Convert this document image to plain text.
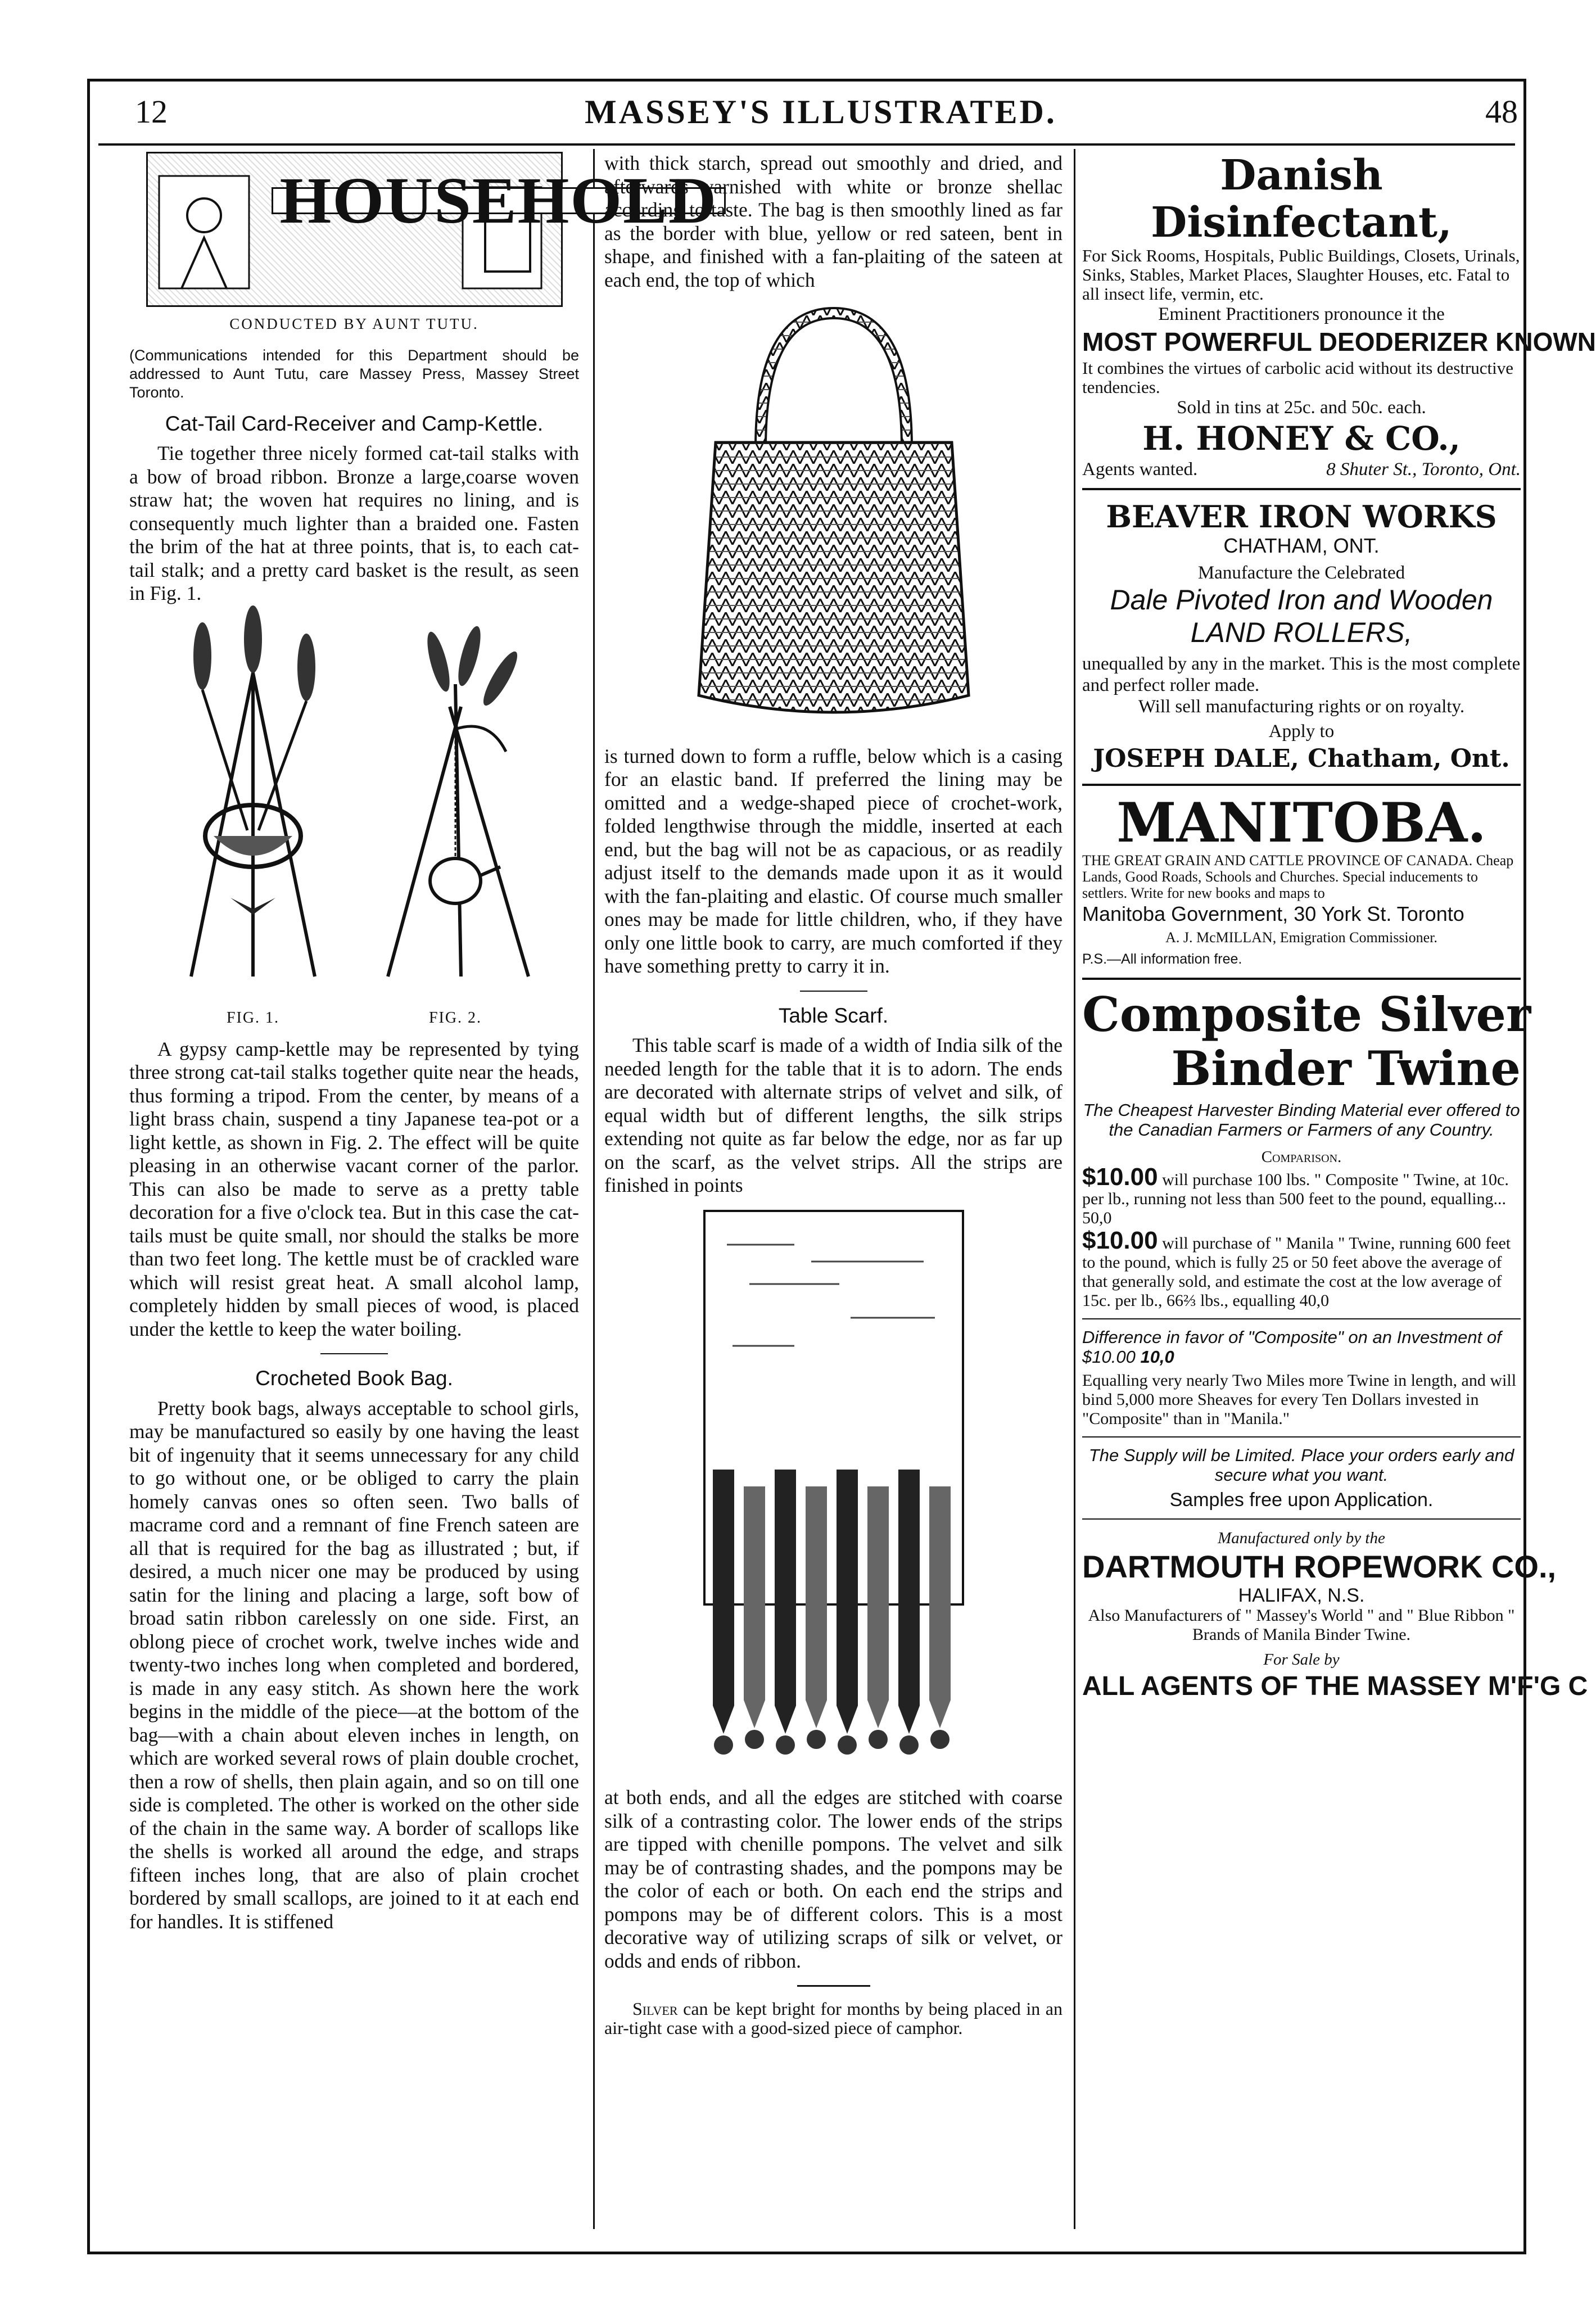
12	MASSEY'S ILLUSTRATED.	48
HOUSEHOLD
CONDUCTED BY AUNT TUTU.
(Communications intended for this Department should be addressed to Aunt Tutu, care Massey Press, Massey Street Toronto.
Cat-Tail Card-Receiver and Camp-Kettle.

Tie together three nicely formed cat-tail stalks with a bow of broad ribbon. Bronze a large,coarse woven straw hat; the woven hat requires no lining, and is consequently much lighter than a braided one. Fasten the brim of the hat at three points, that is, to each cat-tail stalk; and a pretty card basket is the result, as seen in Fig. 1.

FIG. 1.	FIG. 2.

A gypsy camp-kettle may be represented by tying three strong cat-tail stalks together quite near the heads, thus forming a tripod. From the center, by means of a light brass chain, suspend a tiny Japanese tea-pot or a light kettle, as shown in Fig. 2. The effect will be quite pleasing in an otherwise vacant corner of the parlor. This can also be made to serve as a pretty table decoration for a five o'clock tea. But in this case the cat-tails must be quite small, nor should the stalks be more than two feet long. The kettle must be of crackled ware which will resist great heat. A small alcohol lamp, completely hidden by small pieces of wood, is placed under the kettle to keep the water boiling.

Crocheted Book Bag.

Pretty book bags, always acceptable to school girls, may be manufactured so easily by one having the least bit of ingenuity that it seems unnecessary for any child to go without one, or be obliged to carry the plain homely canvas ones so often seen. Two balls of macrame cord and a remnant of fine French sateen are all that is required for the bag as illustrated ; but, if desired, a much nicer one may be produced by using satin for the lining and placing a large, soft bow of broad satin ribbon carelessly on one side. First, an oblong piece of crochet work, twelve inches wide and twenty-two inches long when completed and bordered, is made in any easy stitch. As shown here the work begins in the middle of the piece—at the bottom of the bag—with a chain about eleven inches in length, on which are worked several rows of plain double crochet, then a row of shells, then plain again, and so on till one side is completed. The other is worked on the other side of the chain in the same way. A border of scallops like the shells is worked all around the edge, and straps fifteen inches long, that are also of plain crochet bordered by small scallops, are joined to it at each end for handles. It is stiffened

with thick starch, spread out smoothly and dried, and afterwards varnished with white or bronze shellac according to taste. The bag is then smoothly lined as far as the border with blue, yellow or red sateen, bent in shape, and finished with a fan-plaiting of the sateen at each end, the top of which

is turned down to form a ruffle, below which is a casing for an elastic band. If preferred the lining may be omitted and a wedge-shaped piece of crochet-work, folded lengthwise through the middle, inserted at each end, but the bag will not be as capacious, or as readily adjust itself to the demands made upon it as it would with the fan-plaiting and elastic. Of course much smaller ones may be made for little children, who, if they have only one little book to carry, are much comforted if they have something pretty to carry it in.

Table Scarf.

This table scarf is made of a width of India silk of the needed length for the table that it is to adorn. The ends are decorated with alternate strips of velvet and silk, of equal width but of different lengths, the silk strips extending not quite as far below the edge, nor as far up on the scarf, as the velvet strips. All the strips are finished in points

at both ends, and all the edges are stitched with coarse silk of a contrasting color. The lower ends of the strips are tipped with chenille pompons. The velvet and silk may be of contrasting shades, and the pompons may be the color of each or both. On each end the strips and pompons may be of different colors. This is a most decorative way of utilizing scraps of silk or velvet, or odds and ends of ribbon.

Silver can be kept bright for months by being placed in an air-tight case with a good-sized piece of camphor.

Danish Disinfectant,
For Sick Rooms, Hospitals, Public Buildings, Closets, Urinals, Sinks, Stables, Market Places, Slaughter Houses, etc. Fatal to all insect life, vermin, etc.
Eminent Practitioners pronounce it the
MOST POWERFUL DEODERIZER KNOWN
It combines the virtues of carbolic acid without its destructive tendencies.
Sold in tins at 25c. and 50c. each.
H. HONEY & CO.,
Agents wanted.	8 Shuter St., Toronto, Ont.
BEAVER IRON WORKS
CHATHAM, ONT.
Manufacture the Celebrated
Dale Pivoted Iron and Wooden
LAND ROLLERS,
unequalled by any in the market. This is the most complete and perfect roller made.
Will sell manufacturing rights or on royalty.
Apply to
JOSEPH DALE, Chatham, Ont.
MANITOBA.
THE GREAT GRAIN AND CATTLE PROVINCE OF CANADA. Cheap Lands, Good Roads, Schools and Churches. Special inducements to settlers. Write for new books and maps to
Manitoba Government, 30 York St. Toronto
A. J. McMILLAN, Emigration Commissioner.
P.S.—All information free.
Composite Silver
Binder Twine
The Cheapest Harvester Binding Material ever offered to the Canadian Farmers or Farmers of any Country.
Comparison.
$10.00 will purchase 100 lbs. " Composite " Twine, at 10c. per lb., running not less than 500 feet to the pound, equalling... 50,0
$10.00 will purchase of " Manila " Twine, running 600 feet to the pound, which is fully 25 or 50 feet above the average of that generally sold, and estimate the cost at the low average of 15c. per lb., 66⅔ lbs., equalling 40,0
Difference in favor of "Composite" on an Investment of $10.00 10,0
Equalling very nearly Two Miles more Twine in length, and will bind 5,000 more Sheaves for every Ten Dollars invested in "Composite" than in "Manila."
The Supply will be Limited. Place your orders early and secure what you want.
Samples free upon Application.
Manufactured only by the
DARTMOUTH ROPEWORK CO.,
HALIFAX, N.S.
Also Manufacturers of " Massey's World " and " Blue Ribbon " Brands of Manila Binder Twine.
For Sale by
ALL AGENTS OF THE MASSEY M'F'G C
